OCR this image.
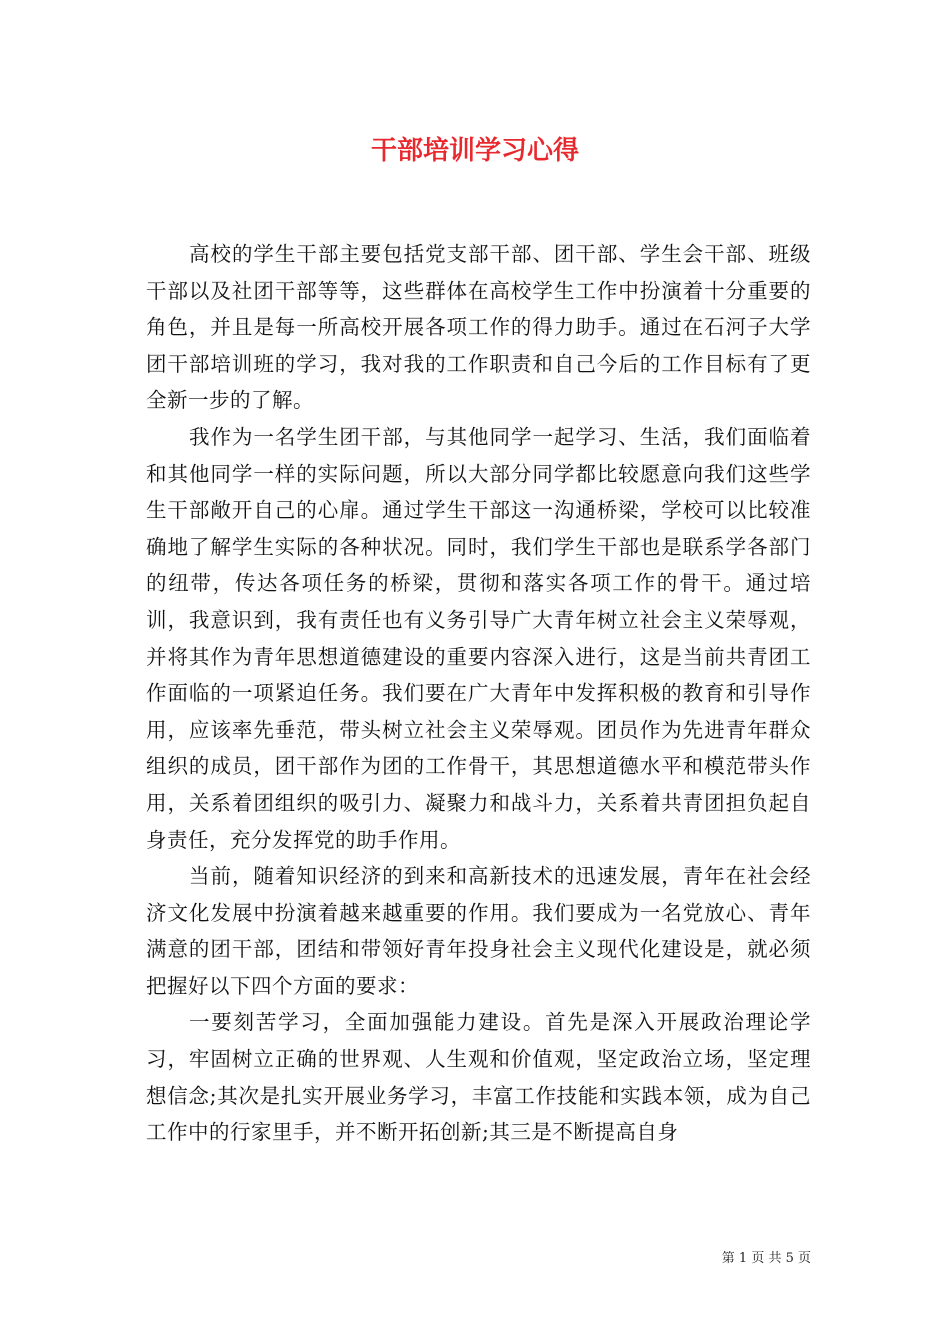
干部培训学习心得

高校的学生干部主要包括党支部干部、团干部、学生会干部、班级干部以及社团干部等等，这些群体在高校学生工作中扮演着十分重要的角色，并且是每一所高校开展各项工作的得力助手。通过在石河子大学团干部培训班的学习，我对我的工作职责和自己今后的工作目标有了更全新一步的了解。

我作为一名学生团干部，与其他同学一起学习、生活，我们面临着和其他同学一样的实际问题，所以大部分同学都比较愿意向我们这些学生干部敞开自己的心扉。通过学生干部这一沟通桥梁，学校可以比较准确地了解学生实际的各种状况。同时，我们学生干部也是联系学各部门的纽带，传达各项任务的桥梁，贯彻和落实各项工作的骨干。通过培训，我意识到，我有责任也有义务引导广大青年树立社会主义荣辱观，并将其作为青年思想道德建设的重要内容深入进行，这是当前共青团工作面临的一项紧迫任务。我们要在广大青年中发挥积极的教育和引导作用，应该率先垂范，带头树立社会主义荣辱观。团员作为先进青年群众组织的成员，团干部作为团的工作骨干，其思想道德水平和模范带头作用，关系着团组织的吸引力、凝聚力和战斗力，关系着共青团担负起自身责任，充分发挥党的助手作用。

当前，随着知识经济的到来和高新技术的迅速发展，青年在社会经济文化发展中扮演着越来越重要的作用。我们要成为一名党放心、青年满意的团干部，团结和带领好青年投身社会主义现代化建设是，就必须把握好以下四个方面的要求：

一要刻苦学习，全面加强能力建设。首先是深入开展政治理论学习，牢固树立正确的世界观、人生观和价值观，坚定政治立场，坚定理想信念;其次是扎实开展业务学习，丰富工作技能和实践本领，成为自己工作中的行家里手，并不断开拓创新;其三是不断提高自身

第 1 页 共 5 页
